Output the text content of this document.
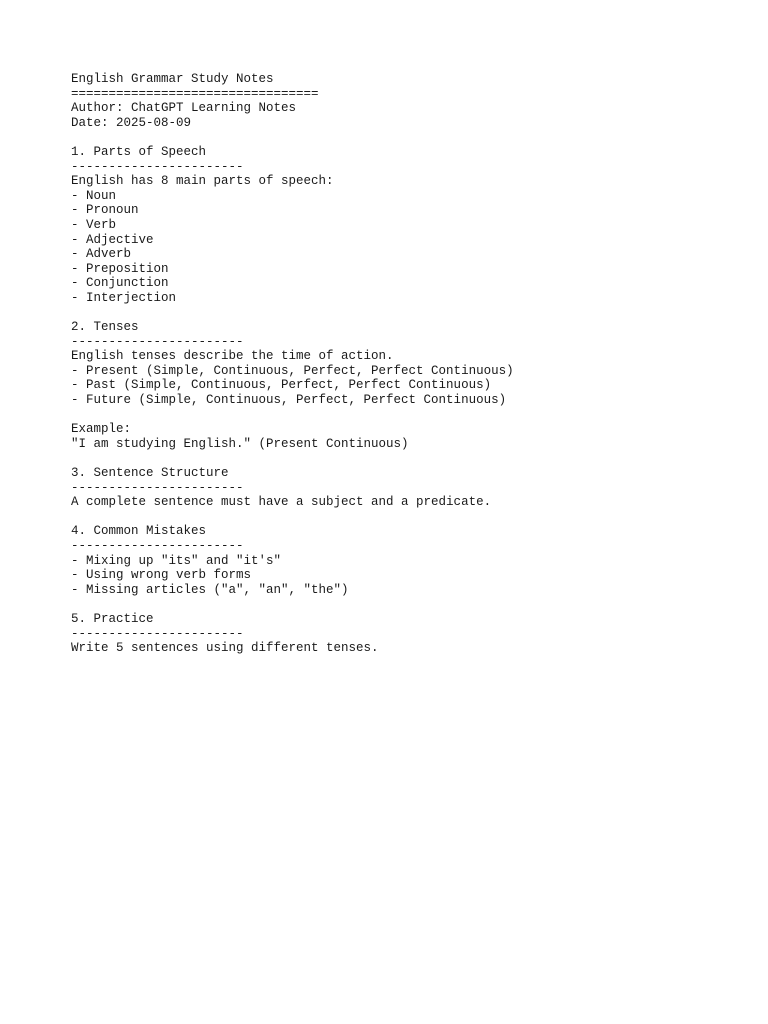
English Grammar Study Notes
=================================
Author: ChatGPT Learning Notes
Date: 2025-08-09
1. Parts of Speech
-----------------------
English has 8 main parts of speech:
- Noun
- Pronoun
- Verb
- Adjective
- Adverb
- Preposition
- Conjunction
- Interjection
2. Tenses
-----------------------
English tenses describe the time of action.
- Present (Simple, Continuous, Perfect, Perfect Continuous)
- Past (Simple, Continuous, Perfect, Perfect Continuous)
- Future (Simple, Continuous, Perfect, Perfect Continuous)
Example:
"I am studying English." (Present Continuous)
3. Sentence Structure
-----------------------
A complete sentence must have a subject and a predicate.
4. Common Mistakes
-----------------------
- Mixing up "its" and "it's"
- Using wrong verb forms
- Missing articles ("a", "an", "the")
5. Practice
-----------------------
Write 5 sentences using different tenses.
